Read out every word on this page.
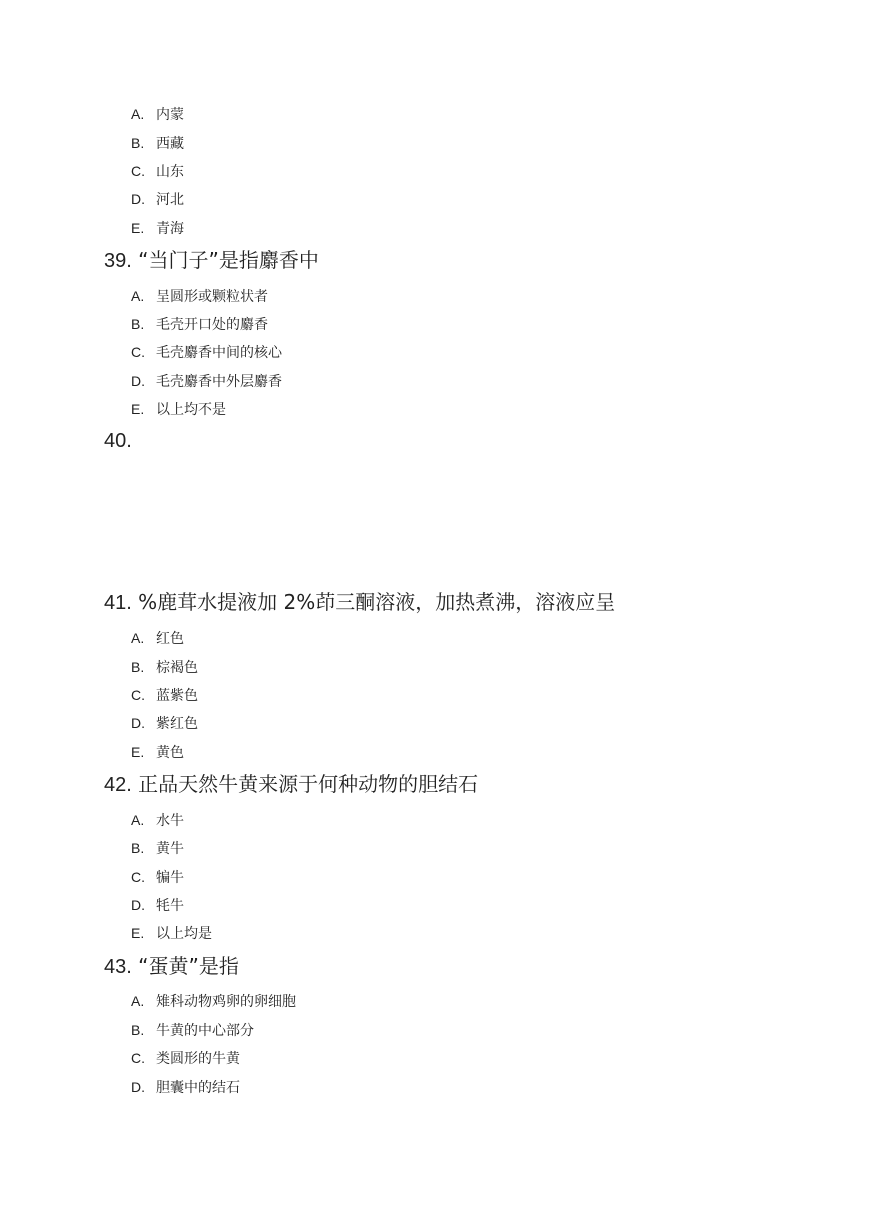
A. 内蒙
B. 西藏
C. 山东
D. 河北
E. 青海
39. “当门子”是指麝香中
A. 呈圆形或颗粒状者
B. 毛壳开口处的麝香
C. 毛壳麝香中间的核心
D. 毛壳麝香中外层麝香
E. 以上均不是
40.
41. %鹿茸水提液加 2%茚三酮溶液，加热煮沸，溶液应呈
A. 红色
B. 棕褐色
C. 蓝紫色
D. 紫红色
E. 黄色
42. 正品天然牛黄来源于何种动物的胆结石
A. 水牛
B. 黄牛
C. 犏牛
D. 牦牛
E. 以上均是
43. “蛋黄”是指
A. 雉科动物鸡卵的卵细胞
B. 牛黄的中心部分
C. 类圆形的牛黄
D. 胆囊中的结石
